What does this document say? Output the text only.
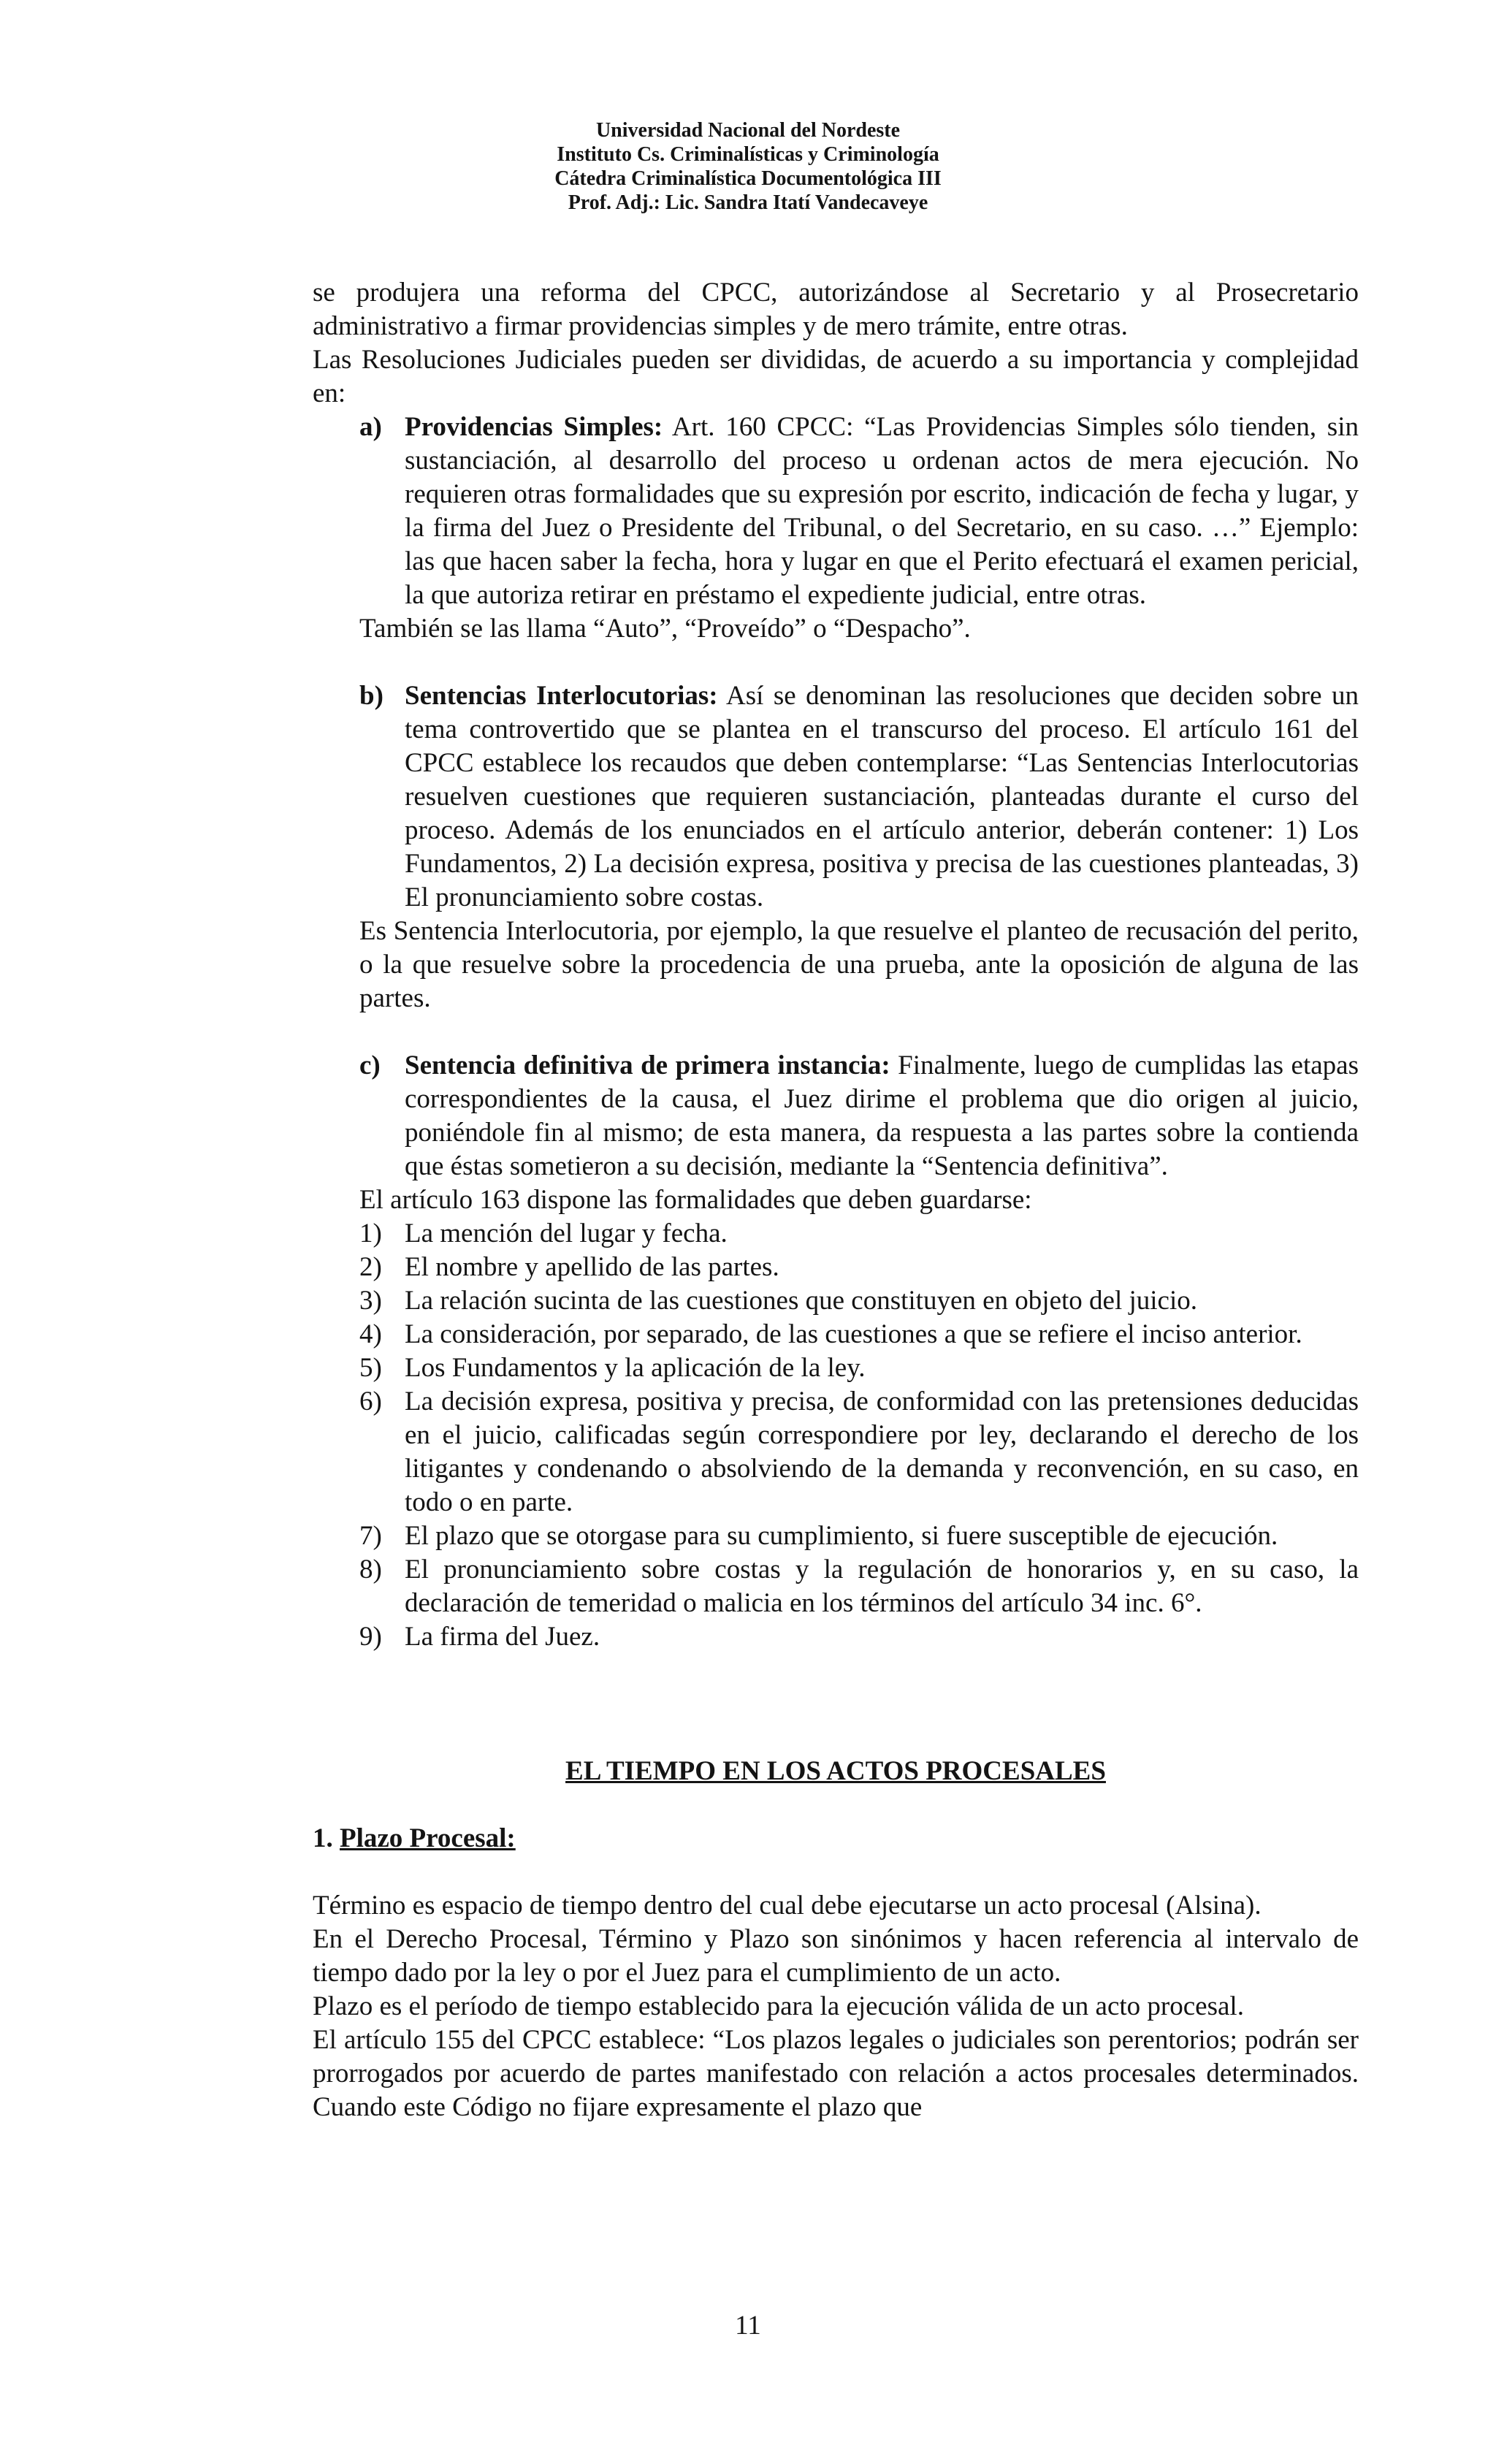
Universidad Nacional del Nordeste
Instituto Cs. Criminalísticas y Criminología
Cátedra Criminalística Documentológica III
Prof. Adj.: Lic. Sandra Itatí Vandecaveye

se produjera una reforma del CPCC, autorizándose al Secretario y al Prosecretario administrativo a firmar providencias simples y de mero trámite, entre otras.

Las Resoluciones Judiciales pueden ser divididas, de acuerdo a su importancia y complejidad en:

a) Providencias Simples: Art. 160 CPCC: “Las Providencias Simples sólo tienden, sin sustanciación, al desarrollo del proceso u ordenan actos de mera ejecución. No requieren otras formalidades que su expresión por escrito, indicación de fecha y lugar, y la firma del Juez o Presidente del Tribunal, o del Secretario, en su caso. …” Ejemplo: las que hacen saber la fecha, hora y lugar en que el Perito efectuará el examen pericial, la que autoriza retirar en préstamo el expediente judicial, entre otras.

También se las llama “Auto”, “Proveído” o “Despacho”.

b) Sentencias Interlocutorias: Así se denominan las resoluciones que deciden sobre un tema controvertido que se plantea en el transcurso del proceso. El artículo 161 del CPCC establece los recaudos que deben contemplarse: “Las Sentencias Interlocutorias resuelven cuestiones que requieren sustanciación, planteadas durante el curso del proceso. Además de los enunciados en el artículo anterior, deberán contener: 1) Los Fundamentos, 2) La decisión expresa, positiva y precisa de las cuestiones planteadas, 3) El pronunciamiento sobre costas.

Es Sentencia Interlocutoria, por ejemplo, la que resuelve el planteo de recusación del perito, o la que resuelve sobre la procedencia de una prueba, ante la oposición de alguna de las partes.

c) Sentencia definitiva de primera instancia: Finalmente, luego de cumplidas las etapas correspondientes de la causa, el Juez dirime el problema que dio origen al juicio, poniéndole fin al mismo; de esta manera, da respuesta a las partes sobre la contienda que éstas sometieron a su decisión, mediante la “Sentencia definitiva”.

El artículo 163 dispone las formalidades que deben guardarse:

1) La mención del lugar y fecha.
2) El nombre y apellido de las partes.
3) La relación sucinta de las cuestiones que constituyen en objeto del juicio.
4) La consideración, por separado, de las cuestiones a que se refiere el inciso anterior.
5) Los Fundamentos y la aplicación de la ley.
6) La decisión expresa, positiva y precisa, de conformidad con las pretensiones deducidas en el juicio, calificadas según correspondiere por ley, declarando el derecho de los litigantes y condenando o absolviendo de la demanda y reconvención, en su caso, en todo o en parte.
7) El plazo que se otorgase para su cumplimiento, si fuere susceptible de ejecución.
8) El pronunciamiento sobre costas y la regulación de honorarios y, en su caso, la declaración de temeridad o malicia en los términos del artículo 34 inc. 6°.
9) La firma del Juez.

EL TIEMPO EN LOS ACTOS PROCESALES

1. Plazo Procesal:

Término es espacio de tiempo dentro del cual debe ejecutarse un acto procesal (Alsina).

En el Derecho Procesal, Término y Plazo son sinónimos y hacen referencia al intervalo de tiempo dado por la ley o por el Juez para el cumplimiento de un acto.

Plazo es el período de tiempo establecido para la ejecución válida de un acto procesal.

El artículo 155 del CPCC establece: “Los plazos legales o judiciales son perentorios; podrán ser prorrogados por acuerdo de partes manifestado con relación a actos procesales determinados. Cuando este Código no fijare expresamente el plazo que

11
